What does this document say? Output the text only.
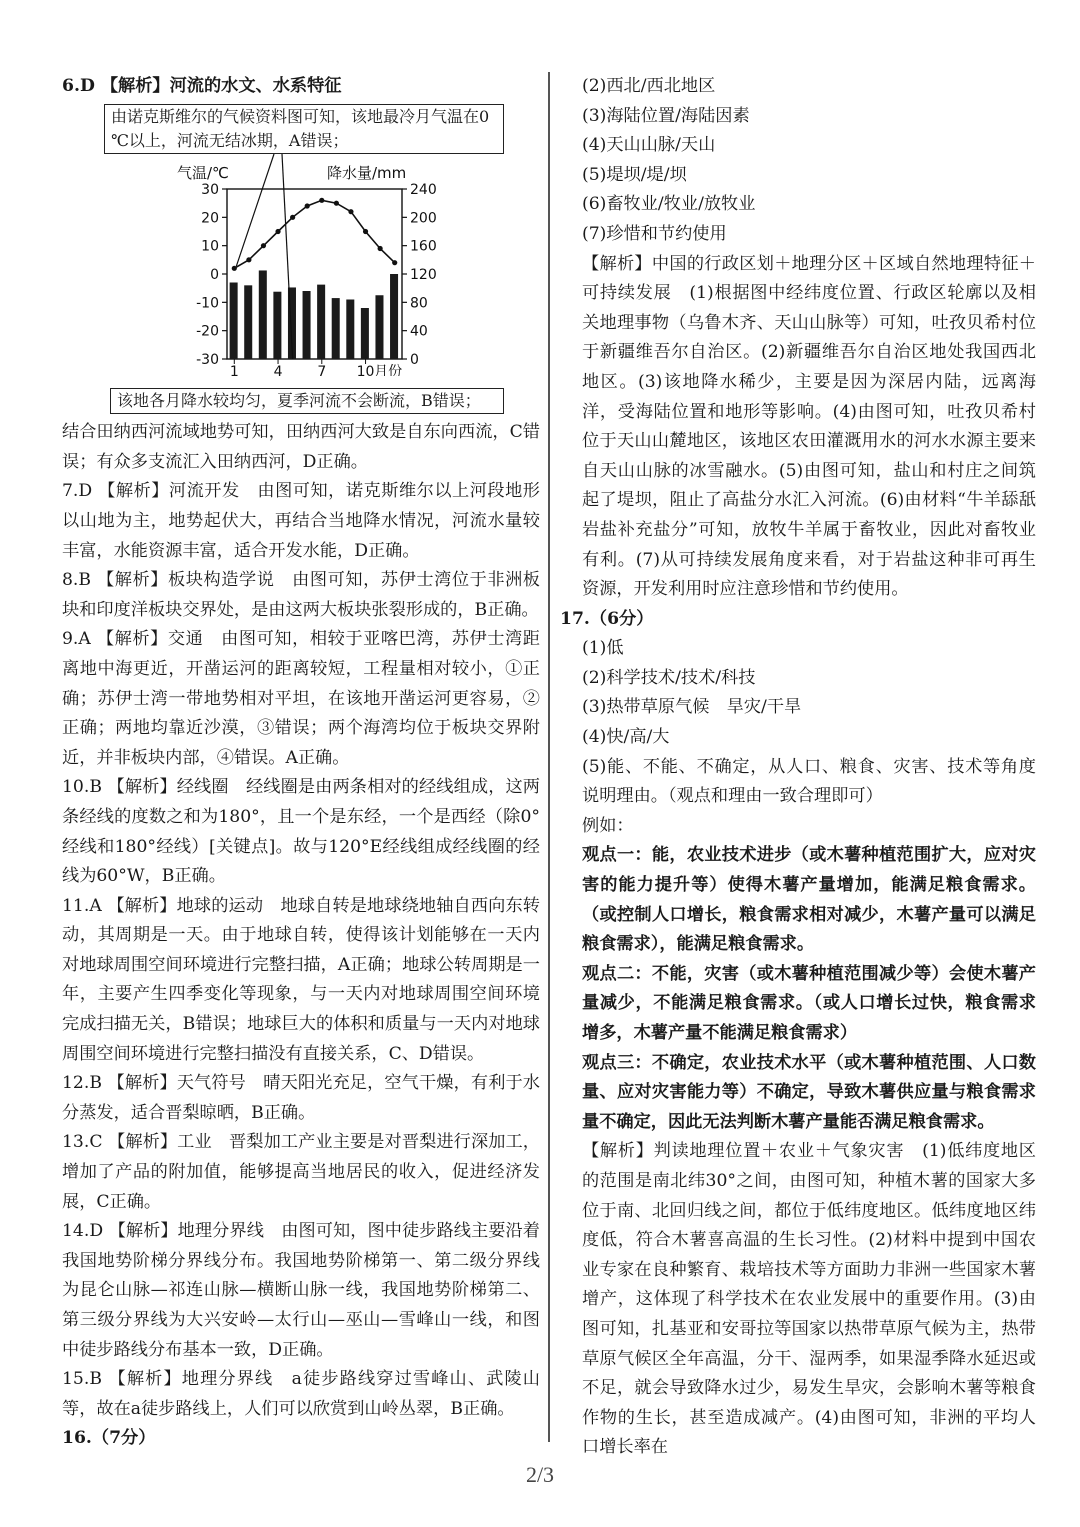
6.D 【解析】河流的水文、水系特征

由诺克斯维尔的气候资料图可知，该地最冷月气温在0 ℃以上，河流无结冰期，A错误；
气温/℃	降水量/mm
30
20
10
0
-10
-20
-30
240
200
160
120
80
40
0
1 4 7 10 月份
该地各月降水较均匀，夏季河流不会断流，B错误；

结合田纳西河流域地势可知，田纳西河大致是自东向西流，C错误；有众多支流汇入田纳西河，D正确。

7.D 【解析】河流开发　由图可知，诺克斯维尔以上河段地形以山地为主，地势起伏大，再结合当地降水情况，河流水量较丰富，水能资源丰富，适合开发水能，D正确。

8.B 【解析】板块构造学说　由图可知，苏伊士湾位于非洲板块和印度洋板块交界处，是由这两大板块张裂形成的，B正确。

9.A 【解析】交通　由图可知，相较于亚喀巴湾，苏伊士湾距离地中海更近，开凿运河的距离较短，工程量相对较小，①正确；苏伊士湾一带地势相对平坦，在该地开凿运河更容易，②正确；两地均靠近沙漠，③错误；两个海湾均位于板块交界附近，并非板块内部，④错误。A正确。

10.B 【解析】经线圈　经线圈是由两条相对的经线组成，这两条经线的度数之和为180°，且一个是东经，一个是西经（除0°经线和180°经线）[关键点]。故与120°E经线组成经线圈的经线为60°W，B正确。

11.A 【解析】地球的运动　地球自转是地球绕地轴自西向东转动，其周期是一天。由于地球自转，使得该计划能够在一天内对地球周围空间环境进行完整扫描，A正确；地球公转周期是一年，主要产生四季变化等现象，与一天内对地球周围空间环境完成扫描无关，B错误；地球巨大的体积和质量与一天内对地球周围空间环境进行完整扫描没有直接关系，C、D错误。

12.B 【解析】天气符号　晴天阳光充足，空气干燥，有利于水分蒸发，适合晋梨晾晒，B正确。

13.C 【解析】工业　晋梨加工产业主要是对晋梨进行深加工，增加了产品的附加值，能够提高当地居民的收入，促进经济发展，C正确。

14.D 【解析】地理分界线　由图可知，图中徒步路线主要沿着我国地势阶梯分界线分布。我国地势阶梯第一、第二级分界线为昆仑山脉—祁连山脉—横断山脉一线，我国地势阶梯第二、第三级分界线为大兴安岭—太行山—巫山—雪峰山一线，和图中徒步路线分布基本一致，D正确。

15.B 【解析】地理分界线　a徒步路线穿过雪峰山、武陵山等，故在a徒步路线上，人们可以欣赏到山岭丛翠，B正确。

16.（7分）

(2)西北/西北地区

(3)海陆位置/海陆因素

(4)天山山脉/天山

(5)堤坝/堤/坝

(6)畜牧业/牧业/放牧业

(7)珍惜和节约使用

【解析】中国的行政区划＋地理分区＋区域自然地理特征＋可持续发展　(1)根据图中经纬度位置、行政区轮廓以及相关地理事物（乌鲁木齐、天山山脉等）可知，吐孜贝希村位于新疆维吾尔自治区。(2)新疆维吾尔自治区地处我国西北地区。(3)该地降水稀少，主要是因为深居内陆，远离海洋，受海陆位置和地形等影响。(4)由图可知，吐孜贝希村位于天山山麓地区，该地区农田灌溉用水的河水水源主要来自天山山脉的冰雪融水。(5)由图可知，盐山和村庄之间筑起了堤坝，阻止了高盐分水汇入河流。(6)由材料“牛羊舔舐岩盐补充盐分”可知，放牧牛羊属于畜牧业，因此对畜牧业有利。(7)从可持续发展角度来看，对于岩盐这种非可再生资源，开发利用时应注意珍惜和节约使用。

17.（6分）

(1)低

(2)科学技术/技术/科技

(3)热带草原气候　旱灾/干旱

(4)快/高/大

(5)能、不能、不确定，从人口、粮食、灾害、技术等角度说明理由。（观点和理由一致合理即可）

例如：

观点一：能，农业技术进步（或木薯种植范围扩大，应对灾害的能力提升等）使得木薯产量增加，能满足粮食需求。（或控制人口增长，粮食需求相对减少，木薯产量可以满足粮食需求），能满足粮食需求。

观点二：不能，灾害（或木薯种植范围减少等）会使木薯产量减少，不能满足粮食需求。（或人口增长过快，粮食需求增多，木薯产量不能满足粮食需求）

观点三：不确定，农业技术水平（或木薯种植范围、人口数量、应对灾害能力等）不确定，导致木薯供应量与粮食需求量不确定，因此无法判断木薯产量能否满足粮食需求。

【解析】判读地理位置＋农业＋气象灾害　(1)低纬度地区的范围是南北纬30°之间，由图可知，种植木薯的国家大多位于南、北回归线之间，都位于低纬度地区。低纬度地区纬度低，符合木薯喜高温的生长习性。(2)材料中提到中国农业专家在良种繁育、栽培技术等方面助力非洲一些国家木薯增产，这体现了科学技术在农业发展中的重要作用。(3)由图可知，扎基亚和安哥拉等国家以热带草原气候为主，热带草原气候区全年高温，分干、湿两季，如果湿季降水延迟或不足，就会导致降水过少，易发生旱灾，会影响木薯等粮食作物的生长，甚至造成减产。(4)由图可知，非洲的平均人口增长率在

2/3
